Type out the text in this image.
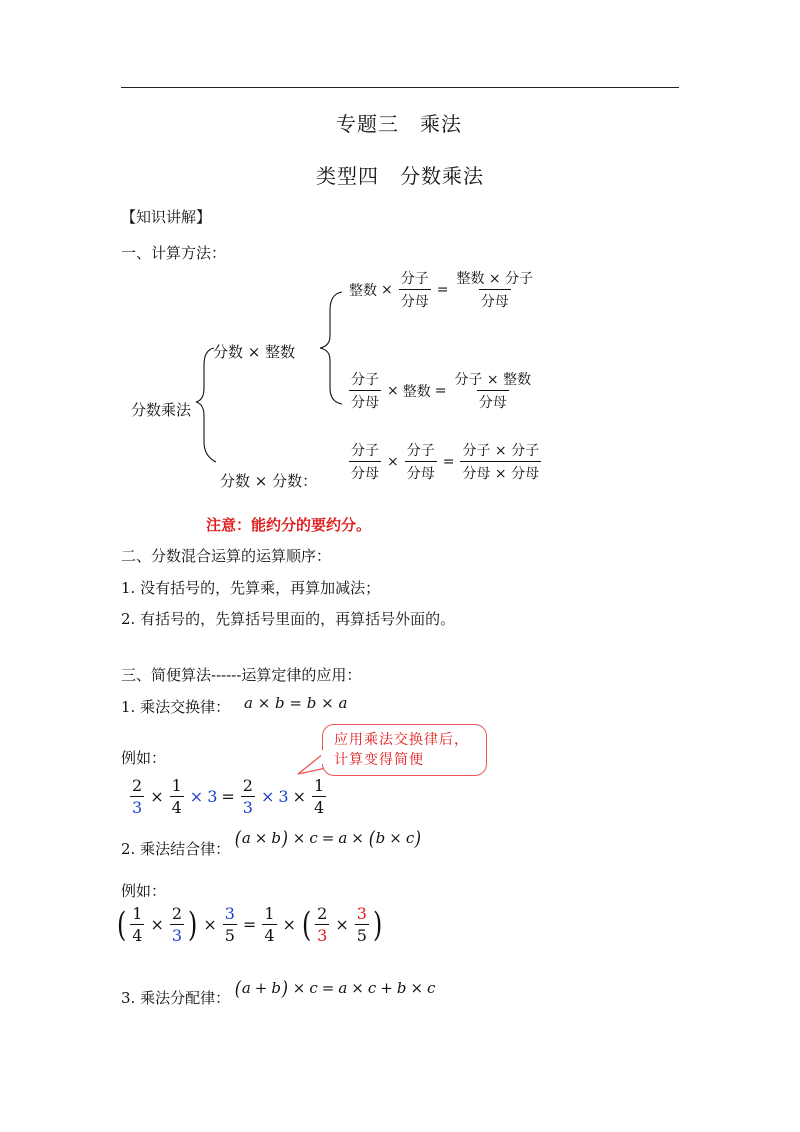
专题三　乘法
类型四　分数乘法
【知识讲解】
一、计算方法：
分数乘法
分数 × 整数
分数 × 分数：
整数 × $\frac{\text{分子}}{\text{分母}} = \frac{\text{整数 × 分子}}{\text{分母}}$
$\frac{\text{分子}}{\text{分母}}$ × 整数 = $\frac{\text{分子 × 整数}}{\text{分母}}$
$\frac{\text{分子}}{\text{分母}} \times \frac{\text{分子}}{\text{分母}} = \frac{\text{分子 × 分子}}{\text{分母 × 分母}}$
注意：能约分的要约分。
二、分数混合运算的运算顺序：
1. 没有括号的，先算乘，再算加减法；
2. 有括号的，先算括号里面的，再算括号外面的。
三、简便算法------运算定律的应用：
1. 乘法交换律： a × b = b × a
例如：
应用乘法交换律后，
计算变得简便
$\frac{2}{3} \times \frac{1}{4} \times 3 = \frac{2}{3} \times 3 \times \frac{1}{4}$
2. 乘法结合律： ( a × b ) × c = a × ( b × c )
例如：
( $\frac{1}{4} \times \frac{2}{3}$ ) × $\frac{3}{5} = \frac{1}{4}$ × ( $\frac{2}{3} \times \frac{3}{5}$ )
3. 乘法分配律： ( a + b ) × c = a × c + b × c
